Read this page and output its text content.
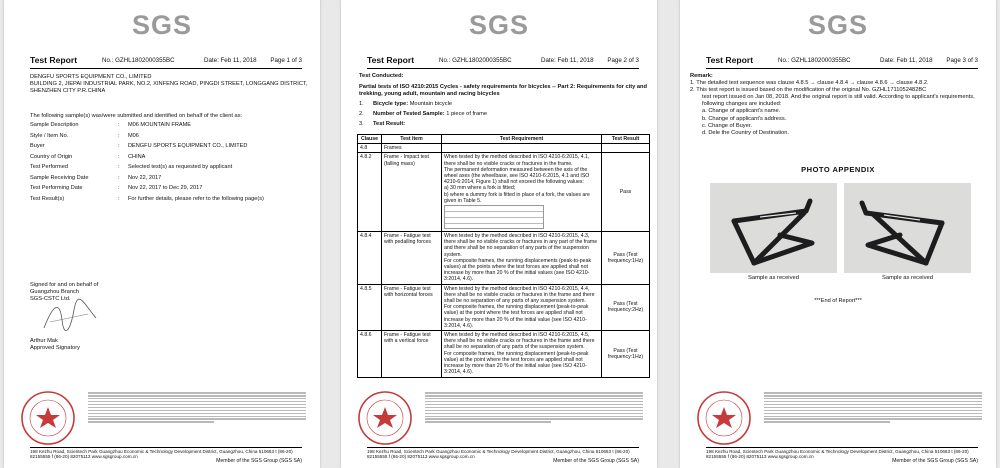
SGS
Test Report	No.: GZHL1802000355BC	Date: Feb 11, 2018 Page 1 of 3
DENGFU SPORTS EQUIPMENT CO., LIMITED
BUILDING 2, JIEPAI INDUSTRIAL PARK, NO.2, XINFENG ROAD, PINGDI STREET, LONGGANG DISTRICT,
SHENZHEN CITY P.R.CHINA
The following sample(s) was/were submitted and identified on behalf of the client as:
Sample Description	:	M06 MOUNTAIN FRAME
Style / Item No.	:	M06
Buyer	:	DENGFU SPORTS EQUIPMENT CO., LIMITED
Country of Origin	:	CHINA
Test Performed	:	Selected test(s) as requested by applicant
Sample Receiving Date	:	Nov 22, 2017
Test Performing Date	:	Nov 22, 2017 to Dec 29, 2017
Test Result(s)	:	For further details, please refer to the following page(s)
Signed for and on behalf of
Guangzhou Branch
SGS-CSTC Ltd.
Arthur Mak
Approved Signatory
198 Kezhu Road, Scientech Park Guangzhou Economic & Technology Development District, Guangzhou, China 510663 t (86-20) 82155555 f (86-20) 82075113 www.sgsgroup.com.cn
Member of the SGS Group (SGS SA)
SGS
Test Report	No.: GZHL1802000355BC	Date: Feb 11, 2018 Page 2 of 3
Test Conducted:
Partial tests of ISO 4210:2015 Cycles - safety requirements for bicycles -- Part 2: Requirements for city and trekking, young adult, mountain and racing bicycles
1. Bicycle type: Mountain bicycle
2. Number of Tested Sample: 1 piece of frame
3. Test Result:
Clause	Test Item	Test Requirement	Test Result
4.8	Frames		
4.8.2	Frame - Impact test (falling mass)	When tested by the method described in ISO 4210-6:2015, 4.1, there shall be no visible cracks or fractures in the frame.
The permanent deformation measured between the axis of the wheel axes (the wheelbase, see ISO 4210-6:2015, 4.1 and ISO 4210-6:2014, Figure 1) shall not exceed the following values:
a) 30 mm where a fork is fitted;
b) where a dummy fork is fitted in place of a fork, the values are given in Table 5.	Pass
4.8.4	Frame - Fatigue test with pedalling forces	When tested by the method described in ISO 4210-6:2015, 4.3, there shall be no visible cracks or fractures in any part of the frame and there shall be no separation of any parts of the suspension system.
For composite frames, the running displacements (peak-to-peak values) at the points where the test forces are applied shall not increase by more than 20 % of the initial values (see ISO 4210-3:2014, 4.6).	Pass (Test frequency:1Hz)
4.8.5	Frame - Fatigue test with horizontal forces	When tested by the method described in ISO 4210-6:2015, 4.4, there shall be no visible cracks or fractures in the frame and there shall be no separation of any parts of any suspension system.
For composite frames, the running displacement (peak-to-peak value) at the point where the test forces are applied shall not increase by more than 20 % of the initial value (see ISO 4210-3:2014, 4.6).	Pass (Test frequency:2Hz)
4.8.6	Frame - Fatigue test with a vertical force	When tested by the method described in ISO 4210-6:2015, 4.5, there shall be no visible cracks or fractures in the frame and there shall be no separation of any parts of the suspension system.
For composite frames, the running displacement (peak-to-peak value) at the point where the test forces are applied shall not increase by more than 20 % of the initial value (see ISO 4210-3:2014, 4.6).	Pass (Test frequency:1Hz)
198 Kezhu Road, Scientech Park Guangzhou Economic & Technology Development District, Guangzhou, China 510663 t (86-20) 82155555 f (86-20) 82075113 www.sgsgroup.com.cn
Member of the SGS Group (SGS SA)
SGS
Test Report	No.: GZHL1802000355BC	Date: Feb 11, 2018 Page 3 of 3
Remark:
1. The detailed test sequence was clause 4.8.5 → clause 4.8.4 → clause 4.8.6 → clause 4.8.2.
2. This test report is issued based on the modification of the original No. GZHL1711052482BC
test report issued on Jan 08, 2018. And the original report is still valid. According to applicant's requirements, following changes are included:
a. Change of applicant's name.
b. Change of applicant's address.
c. Change of Buyer.
d. Dele the Country of Destination.
PHOTO APPENDIX
Sample as received	Sample as received
***End of Report***
198 Kezhu Road, Scientech Park Guangzhou Economic & Technology Development District, Guangzhou, China 510663 t (86-20) 82155555 f (86-20) 82075113 www.sgsgroup.com.cn
Member of the SGS Group (SGS SA)
